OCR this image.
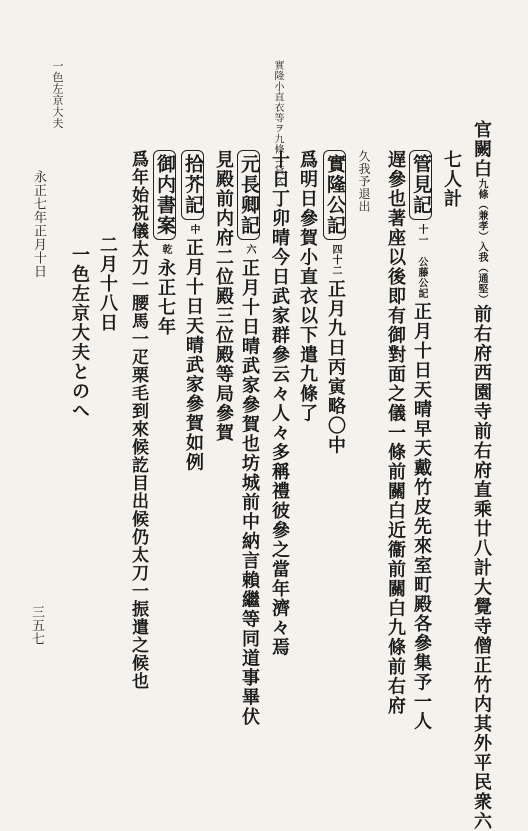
一色左京大夫	實隆小直衣等ヲ九條ニ貸ス
永正七年正月十日
三五七
官闕白九條（兼孝）入我（通堅）前右府西園寺前右府直乘廿八計大覺寺僧正竹内其外平民衆六
七人計
管見記十一 公藤公記正月十日天晴早天戴竹皮先來室町殿各參集予一人
遅參也著座以後即有御對面之儀一條前關白近衞前關白九條前右府
久我予退出
實隆公記四十二正月九日丙寅略〇中
爲明日參賀小直衣以下遣九條了
十日丁卯晴今日武家群參云々人々多稱禮彼參之當年濟々焉
元長卿記六正月十日晴武家參賀也坊城前中納言賴繼等同道事畢伏
見殿前内府二位殿三位殿等局參賀
拾芥記中正月十日天晴武家參賀如例
御内書案乾永正七年
爲年始祝儀太刀一腰馬一疋栗毛到來候訖目出候仍太刀一振遣之候也
二月十八日
一色左京大夫とのへ
